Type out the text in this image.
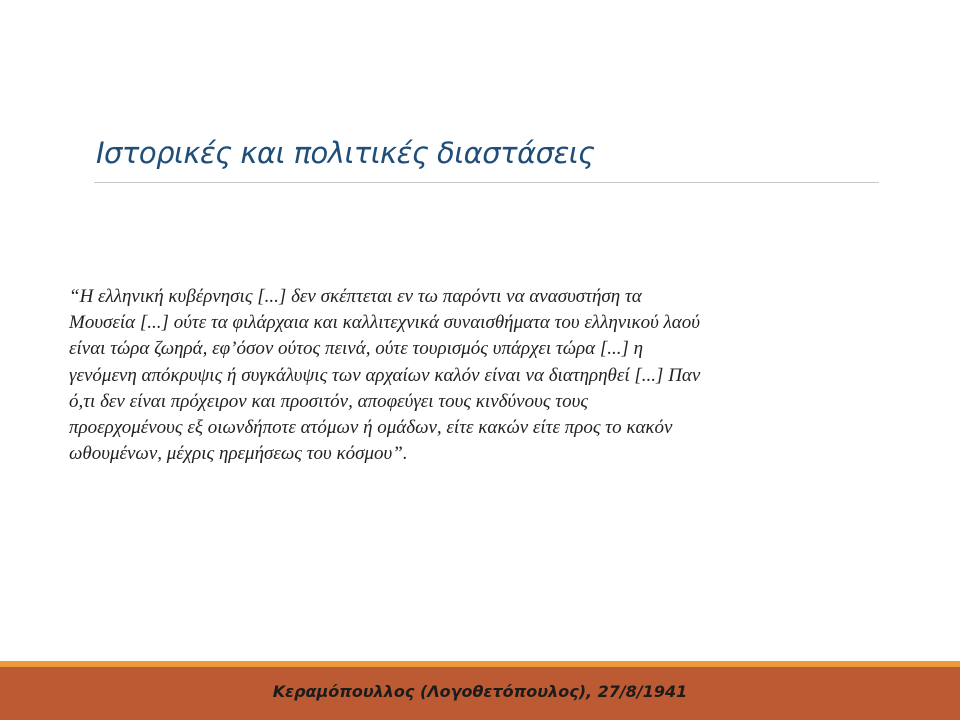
Ιστορικές και πολιτικές διαστάσεις
“Η ελληνική κυβέρνησις [...] δεν σκέπτεται εν τω παρόντι να ανασυστήση τα
Μουσεία [...] ούτε τα φιλάρχαια και καλλιτεχνικά συναισθήματα του ελληνικού λαού
είναι τώρα ζωηρά, εφ’όσον ούτος πεινά, ούτε τουρισμός υπάρχει τώρα [...] η
γενόμενη απόκρυψις ή συγκάλυψις των αρχαίων καλόν είναι να διατηρηθεί [...] Παν
ό,τι δεν είναι πρόχειρον και προσιτόν, αποφεύγει τους κινδύνους τους
προερχομένους εξ οιωνδήποτε ατόμων ή ομάδων, είτε κακών είτε προς το κακόν
ωθουμένων, μέχρις ηρεμήσεως του κόσμου”.
Κεραμόπουλλος (Λογοθετόπουλος), 27/8/1941
